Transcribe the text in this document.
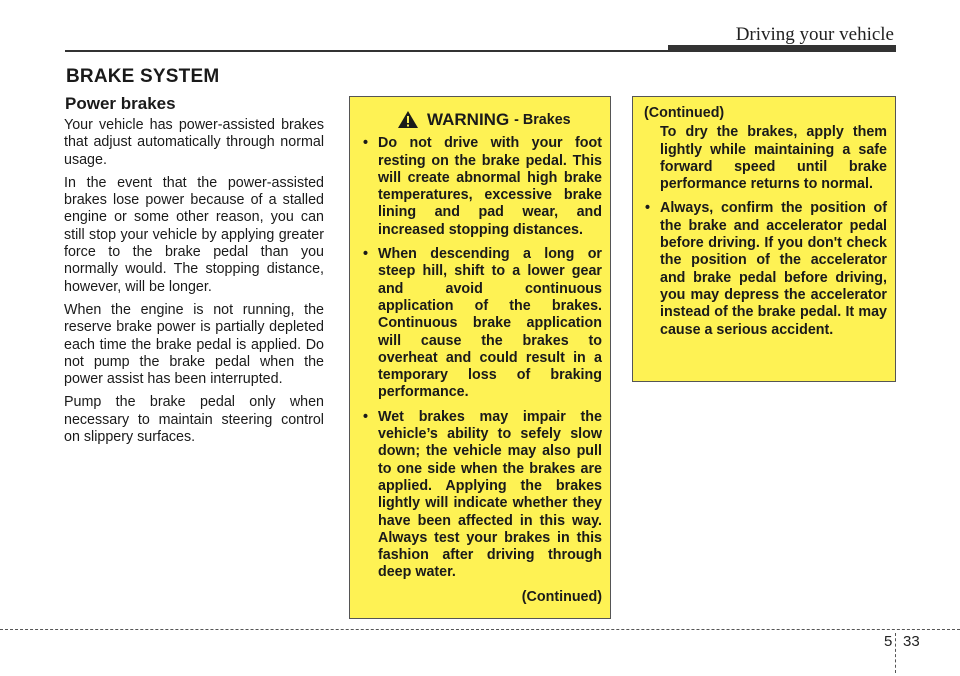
Driving your vehicle
BRAKE SYSTEM
Power brakes

Your vehicle has power-assisted brakes that adjust automatically through normal usage.

In the event that the power-assisted brakes lose power because of a stalled engine or some other reason, you can still stop your vehicle by applying greater force to the brake pedal than you normally would. The stopping distance, however, will be longer.

When the engine is not running, the reserve brake power is partially depleted each time the brake pedal is applied. Do not pump the brake pedal when the power assist has been interrupted.

Pump the brake pedal only when necessary to maintain steering control on slippery surfaces.

WARNING - Brakes
• Do not drive with your foot resting on the brake pedal. This will create abnormal high brake temperatures, excessive brake lining and pad wear, and increased stopping distances.
• When descending a long or steep hill, shift to a lower gear and avoid continuous application of the brakes. Continuous brake application will cause the brakes to overheat and could result in a temporary loss of braking performance.
• Wet brakes may impair the vehicle’s ability to sefely slow down; the vehicle may also pull to one side when the brakes are applied. Applying the brakes lightly will indicate whether they have been affected in this way. Always test your brakes in this fashion after driving through deep water.
(Continued)
(Continued)
To dry the brakes, apply them lightly while maintaining a safe forward speed until brake performance returns to normal.
• Always, confirm the position of the brake and accelerator pedal before driving. If you don't check the position of the accelerator and brake pedal before driving, you may depress the accelerator instead of the brake pedal. It may cause a serious accident.
5 33
